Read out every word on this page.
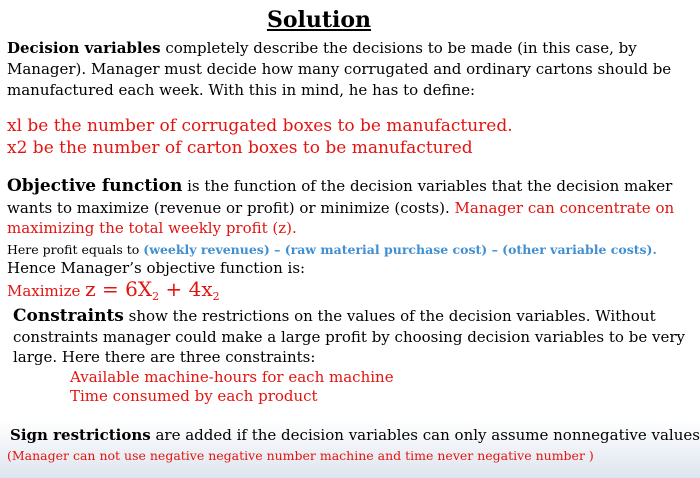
Solution
Decision variables completely describe the decisions to be made (in this case, by
Manager). Manager must decide how many corrugated and ordinary cartons should be
manufactured each week. With this in mind, he has to define:
xl be the number of corrugated boxes to be manufactured.
x2 be the number of carton boxes to be manufactured
Objective function is the function of the decision variables that the decision maker
wants to maximize (revenue or profit) or minimize (costs). Manager can concentrate on
maximizing the total weekly profit (z).
Here profit equals to (weekly revenues) – (raw material purchase cost) – (other variable costs).
Hence Manager’s objective function is:
Maximize $z = 6X_2 + 4x_2$
Constraints show the restrictions on the values of the decision variables. Without
constraints manager could make a large profit by choosing decision variables to be very
large. Here there are three constraints:
Available machine-hours for each machine
Time consumed by each product
Sign restrictions are added if the decision variables can only assume nonnegative values
(Manager can not use negative negative number machine and time never negative number )
